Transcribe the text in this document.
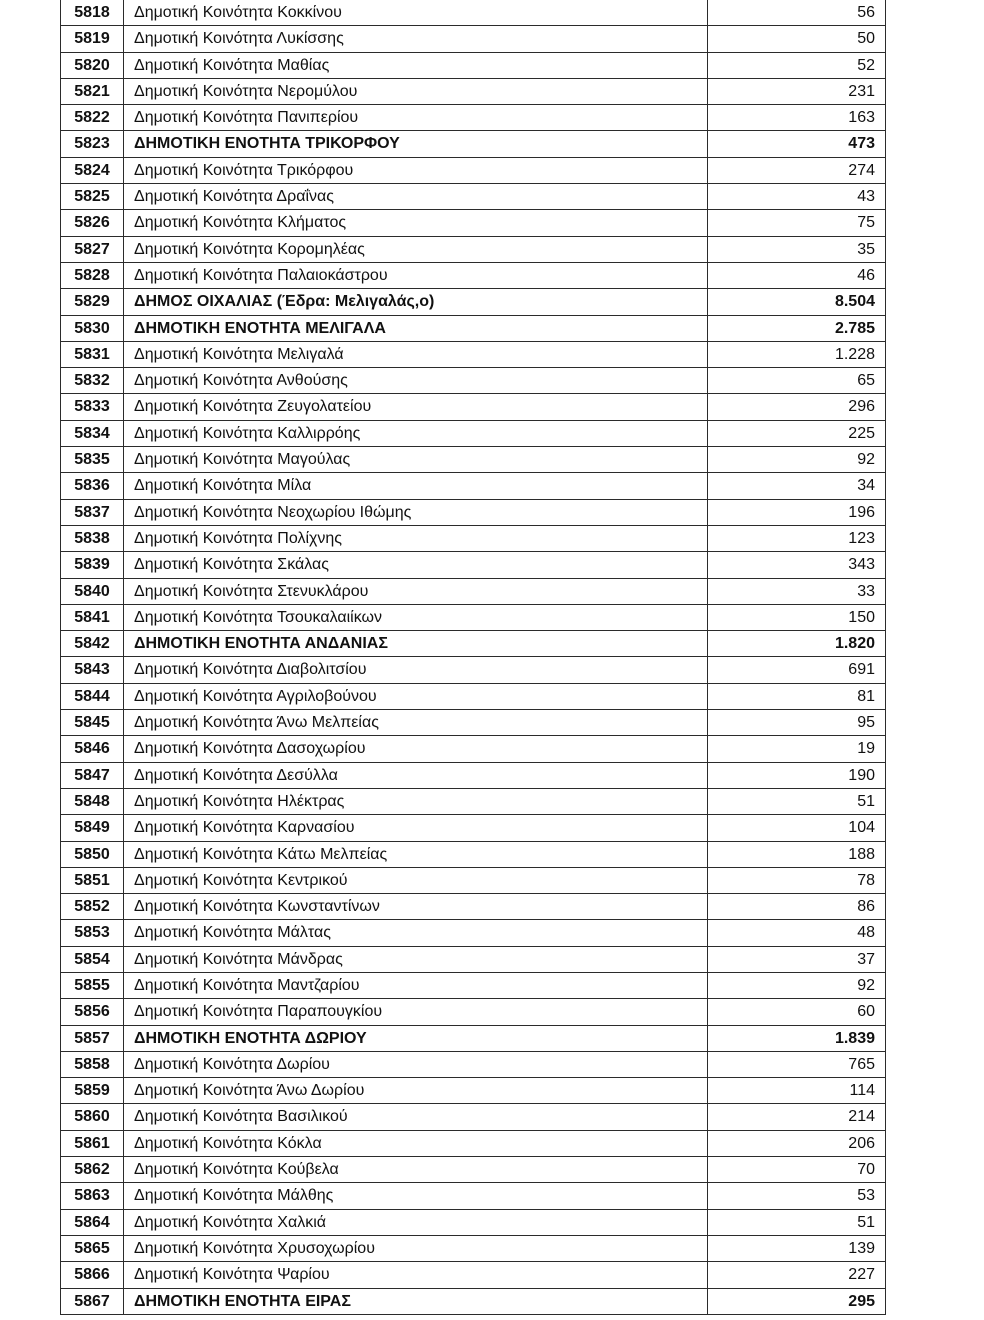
5818	Δημοτική Κοινότητα Κοκκίνου	56
5819	Δημοτική Κοινότητα Λυκίσσης	50
5820	Δημοτική Κοινότητα Μαθίας	52
5821	Δημοτική Κοινότητα Νερομύλου	231
5822	Δημοτική Κοινότητα Πανιπερίου	163
5823	ΔΗΜΟΤΙΚΗ ΕΝΟΤΗΤΑ ΤΡΙΚΟΡΦΟΥ	473
5824	Δημοτική Κοινότητα Τρικόρφου	274
5825	Δημοτική Κοινότητα Δραΐνας	43
5826	Δημοτική Κοινότητα Κλήματος	75
5827	Δημοτική Κοινότητα Κορομηλέας	35
5828	Δημοτική Κοινότητα Παλαιοκάστρου	46
5829	ΔΗΜΟΣ ΟΙΧΑΛΙΑΣ (Έδρα: Μελιγαλάς,ο)	8.504
5830	ΔΗΜΟΤΙΚΗ ΕΝΟΤΗΤΑ ΜΕΛΙΓΑΛΑ	2.785
5831	Δημοτική Κοινότητα Μελιγαλά	1.228
5832	Δημοτική Κοινότητα Ανθούσης	65
5833	Δημοτική Κοινότητα Ζευγολατείου	296
5834	Δημοτική Κοινότητα Καλλιρρόης	225
5835	Δημοτική Κοινότητα Μαγούλας	92
5836	Δημοτική Κοινότητα Μίλα	34
5837	Δημοτική Κοινότητα Νεοχωρίου Ιθώμης	196
5838	Δημοτική Κοινότητα Πολίχνης	123
5839	Δημοτική Κοινότητα Σκάλας	343
5840	Δημοτική Κοινότητα Στενυκλάρου	33
5841	Δημοτική Κοινότητα Τσουκαλαιίκων	150
5842	ΔΗΜΟΤΙΚΗ ΕΝΟΤΗΤΑ ΑΝΔΑΝΙΑΣ	1.820
5843	Δημοτική Κοινότητα Διαβολιτσίου	691
5844	Δημοτική Κοινότητα Αγριλοβούνου	81
5845	Δημοτική Κοινότητα Άνω Μελπείας	95
5846	Δημοτική Κοινότητα Δασοχωρίου	19
5847	Δημοτική Κοινότητα Δεσύλλα	190
5848	Δημοτική Κοινότητα Ηλέκτρας	51
5849	Δημοτική Κοινότητα Καρνασίου	104
5850	Δημοτική Κοινότητα Κάτω Μελπείας	188
5851	Δημοτική Κοινότητα Κεντρικού	78
5852	Δημοτική Κοινότητα Κωνσταντίνων	86
5853	Δημοτική Κοινότητα Μάλτας	48
5854	Δημοτική Κοινότητα Μάνδρας	37
5855	Δημοτική Κοινότητα Μαντζαρίου	92
5856	Δημοτική Κοινότητα Παραπουγκίου	60
5857	ΔΗΜΟΤΙΚΗ ΕΝΟΤΗΤΑ ΔΩΡΙΟΥ	1.839
5858	Δημοτική Κοινότητα Δωρίου	765
5859	Δημοτική Κοινότητα Άνω Δωρίου	114
5860	Δημοτική Κοινότητα Βασιλικού	214
5861	Δημοτική Κοινότητα Κόκλα	206
5862	Δημοτική Κοινότητα Κούβελα	70
5863	Δημοτική Κοινότητα Μάλθης	53
5864	Δημοτική Κοινότητα Χαλκιά	51
5865	Δημοτική Κοινότητα Χρυσοχωρίου	139
5866	Δημοτική Κοινότητα Ψαρίου	227
5867	ΔΗΜΟΤΙΚΗ ΕΝΟΤΗΤΑ ΕΙΡΑΣ	295
